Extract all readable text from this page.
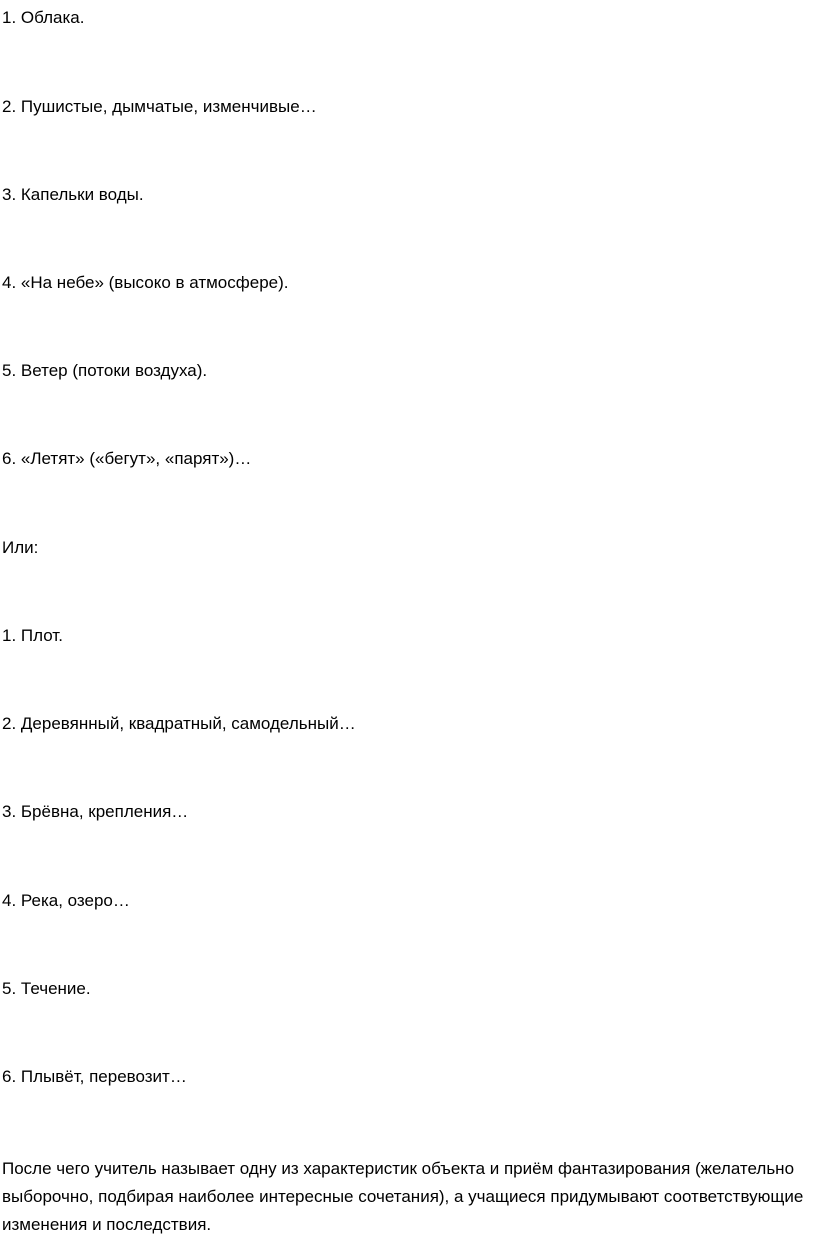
1. Облака.
2. Пушистые, дымчатые, изменчивые…
3. Капельки воды.
4. «На небе» (высоко в атмосфере).
5. Ветер (потоки воздуха).
6. «Летят» («бегут», «парят»)…
Или:
1. Плот.
2. Деревянный, квадратный, самодельный…
3. Брёвна, крепления…
4. Река, озеро…
5. Течение.
6. Плывёт, перевозит…
После чего учитель называет одну из характеристик объекта и приём фантазирования (желательно выборочно, подбирая наиболее интересные сочетания), а учащиеся придумывают соответствующие изменения и последствия.
